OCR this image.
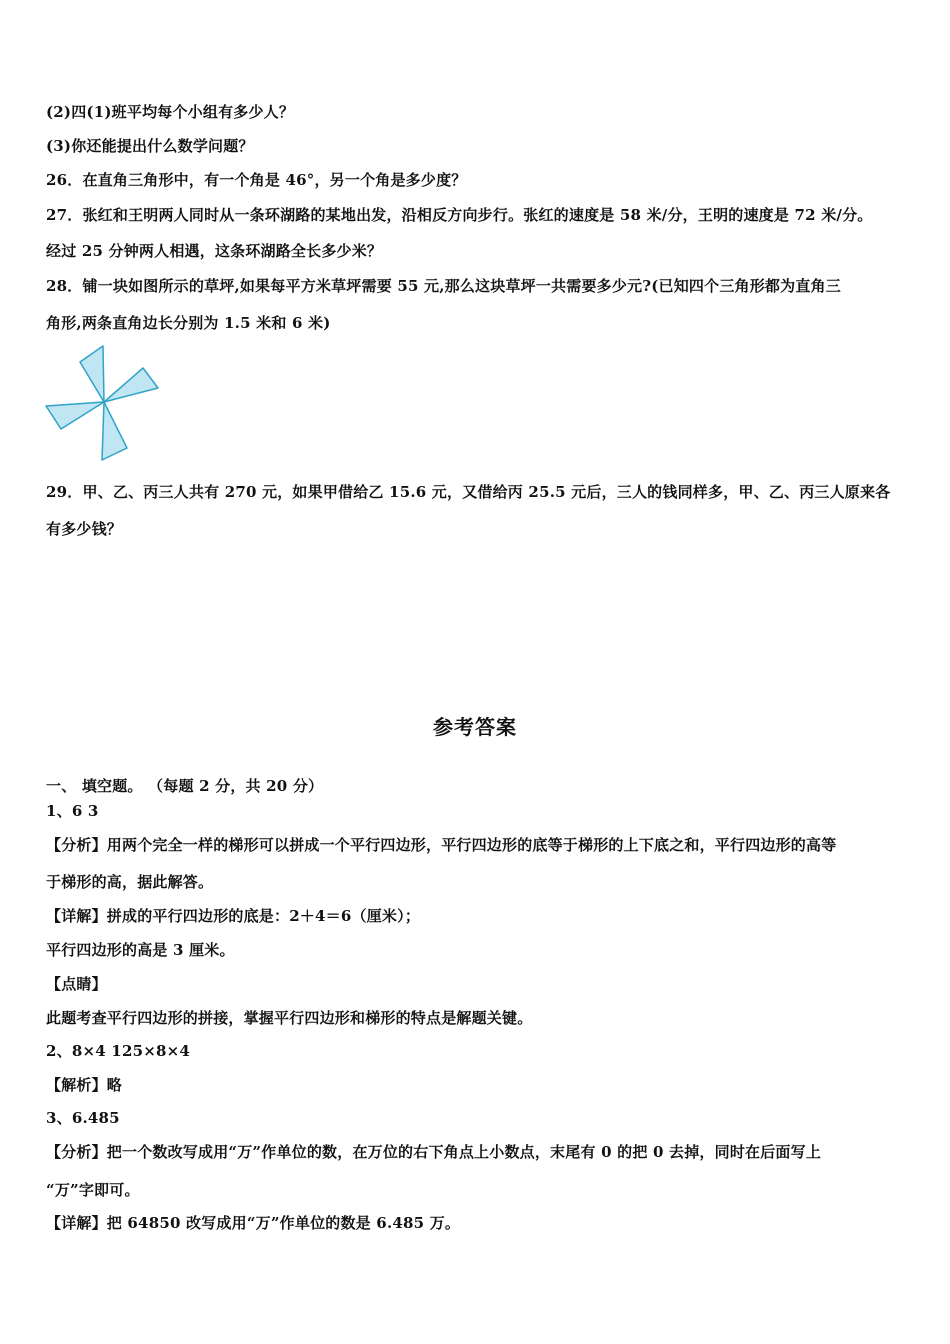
(2)四(1)班平均每个小组有多少人？
(3)你还能提出什么数学问题？
26．在直角三角形中，有一个角是 46°，另一个角是多少度？
27．张红和王明两人同时从一条环湖路的某地出发，沿相反方向步行。张红的速度是 58 米/分，王明的速度是 72 米/分。
经过 25 分钟两人相遇，这条环湖路全长多少米？
28．铺一块如图所示的草坪,如果每平方米草坪需要 55 元,那么这块草坪一共需要多少元?(已知四个三角形都为直角三
角形,两条直角边长分别为 1.5 米和 6 米)
29．甲、乙、丙三人共有 270 元，如果甲借给乙 15.6 元，又借给丙 25.5 元后，三人的钱同样多，甲、乙、丙三人原来各
有多少钱？
参考答案
一、 填空题。 （每题 2 分，共 20 分）
1、6 3
【分析】用两个完全一样的梯形可以拼成一个平行四边形，平行四边形的底等于梯形的上下底之和，平行四边形的高等
于梯形的高，据此解答。
【详解】拼成的平行四边形的底是：2＋4＝6（厘米）；
平行四边形的高是 3 厘米。
【点睛】
此题考查平行四边形的拼接，掌握平行四边形和梯形的特点是解题关键。
2、8×4 125×8×4
【解析】略
3、6.485
【分析】把一个数改写成用“万”作单位的数，在万位的右下角点上小数点，末尾有 0 的把 0 去掉，同时在后面写上
“万”字即可。
【详解】把 64850 改写成用“万”作单位的数是 6.485 万。
